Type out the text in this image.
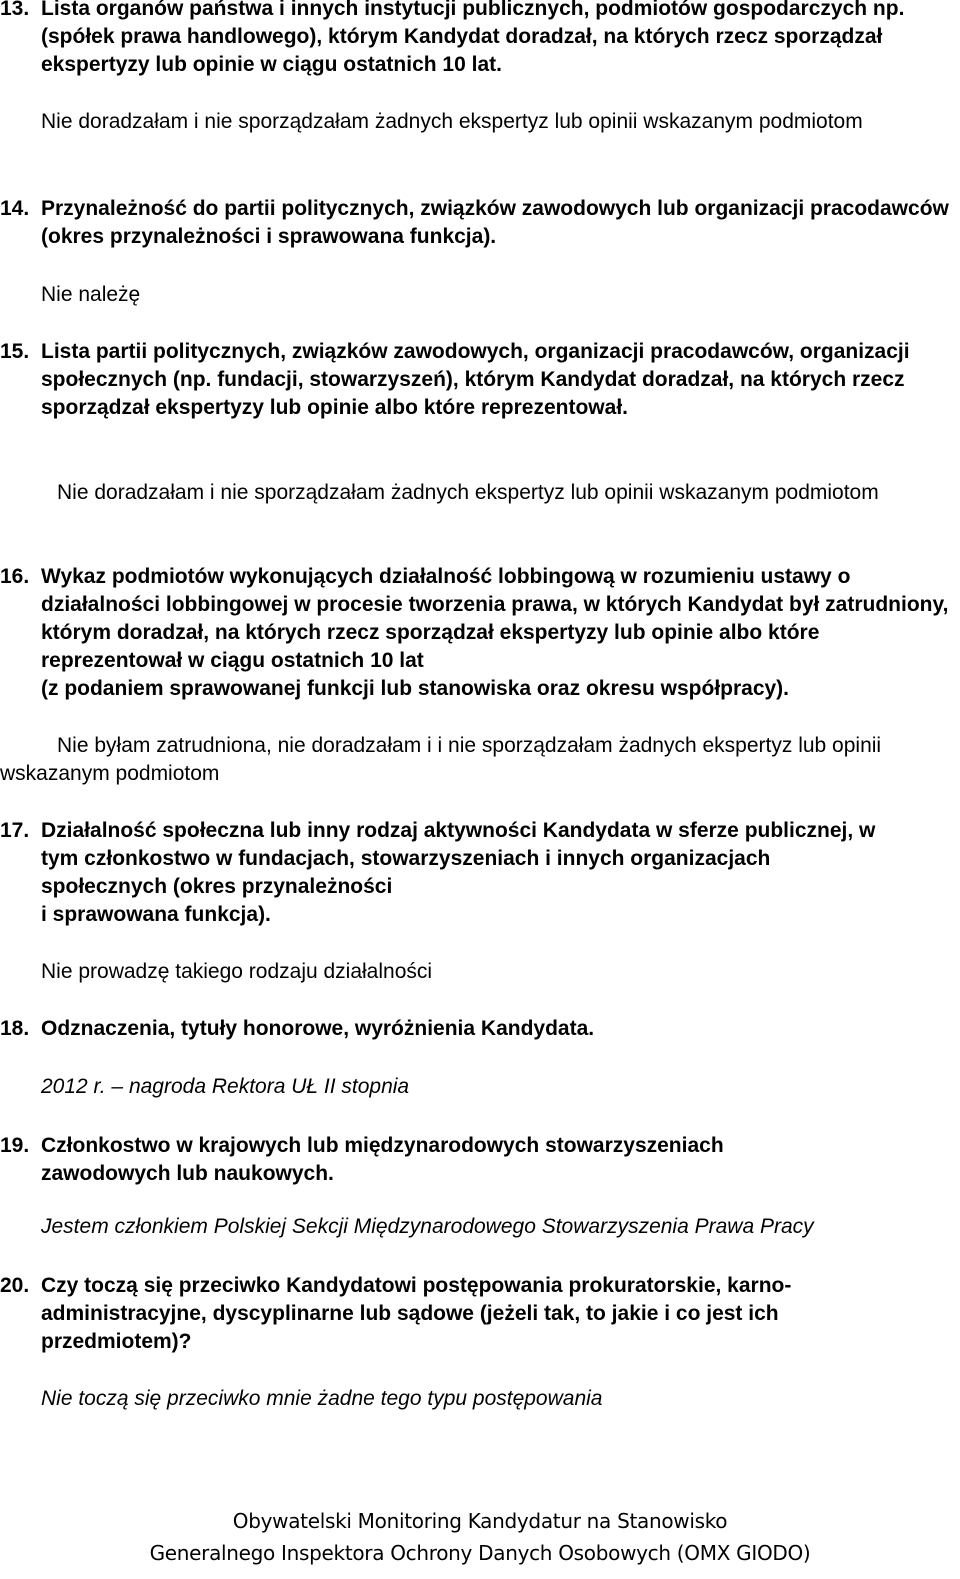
13. Lista organów państwa i innych instytucji publicznych, podmiotów gospodarczych np. (spółek prawa handlowego), którym Kandydat doradzał, na których rzecz sporządzał ekspertyzy lub opinie w ciągu ostatnich 10 lat.

Nie doradzałam i nie sporządzałam żadnych ekspertyz lub opinii wskazanym podmiotom

14. Przynależność do partii politycznych, związków zawodowych lub organizacji pracodawców (okres przynależności i sprawowana funkcja).

Nie należę

15. Lista partii politycznych, związków zawodowych, organizacji pracodawców, organizacji społecznych (np. fundacji, stowarzyszeń), którym Kandydat doradzał, na których rzecz sporządzał ekspertyzy lub opinie albo które reprezentował.

Nie doradzałam i nie sporządzałam żadnych ekspertyz lub opinii wskazanym podmiotom

16. Wykaz podmiotów wykonujących działalność lobbingową w rozumieniu ustawy o działalności lobbingowej w procesie tworzenia prawa, w których Kandydat był zatrudniony, którym doradzał, na których rzecz sporządzał ekspertyzy lub opinie albo które reprezentował w ciągu ostatnich 10 lat
(z podaniem sprawowanej funkcji lub stanowiska oraz okresu współpracy).

Nie byłam zatrudniona, nie doradzałam i i nie sporządzałam żadnych ekspertyz lub opinii wskazanym podmiotom

17. Działalność społeczna lub inny rodzaj aktywności Kandydata w sferze publicznej, w tym członkostwo w fundacjach, stowarzyszeniach i innych organizacjach społecznych (okres przynależności
i sprawowana funkcja).

Nie prowadzę takiego rodzaju działalności

18. Odznaczenia, tytuły honorowe, wyróżnienia Kandydata.

2012 r. – nagroda Rektora UŁ II stopnia

19. Członkostwo w krajowych lub międzynarodowych stowarzyszeniach zawodowych lub naukowych.

Jestem członkiem Polskiej Sekcji Międzynarodowego Stowarzyszenia Prawa Pracy

20. Czy toczą się przeciwko Kandydatowi postępowania prokuratorskie, karno-administracyjne, dyscyplinarne lub sądowe (jeżeli tak, to jakie i co jest ich przedmiotem)?

Nie toczą się przeciwko mnie żadne tego typu postępowania

Obywatelski Monitoring Kandydatur na Stanowisko
Generalnego Inspektora Ochrony Danych Osobowych (OMX GIODO)
